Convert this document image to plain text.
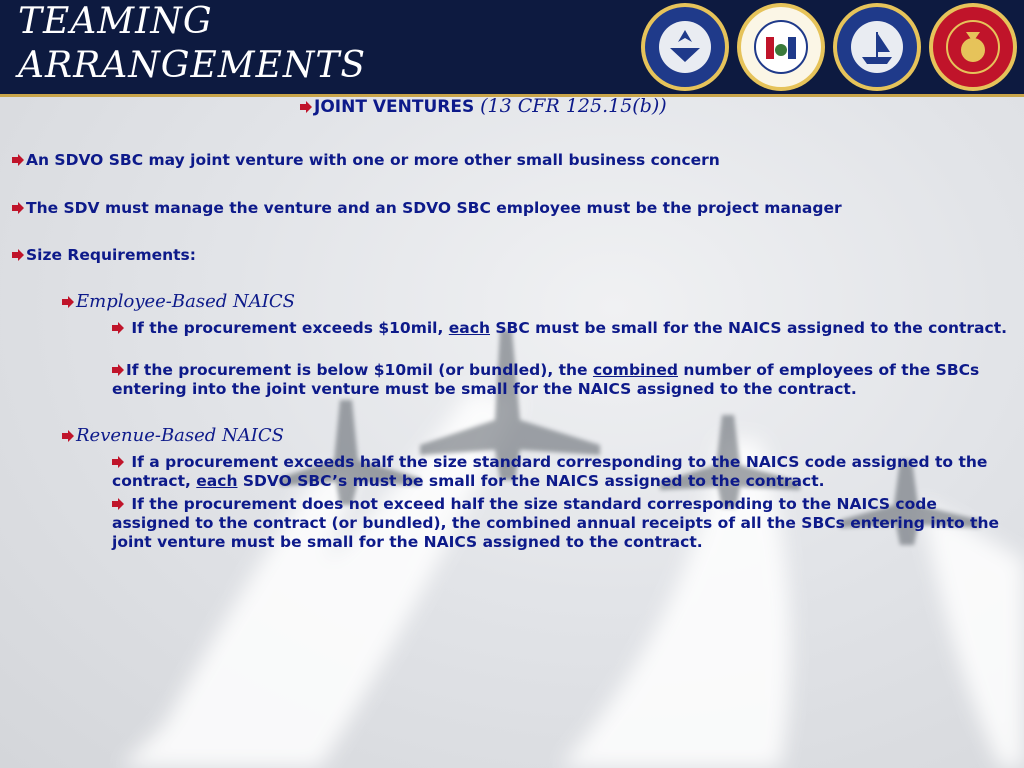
TEAMING
ARRANGEMENTS
JOINT VENTURES (13 CFR 125.15(b))
An SDVO SBC may joint venture with one or more other small business concern
The SDV must manage the venture and an SDVO SBC employee must be the project manager
Size Requirements:
Employee-Based NAICS
If the procurement exceeds $10mil, each SBC must be small for the NAICS assigned to the contract.
If the procurement is below $10mil (or bundled), the combined number of employees of the SBCs entering into the joint venture must be small for the NAICS assigned to the contract.
Revenue-Based NAICS
If a procurement exceeds half the size standard corresponding to the NAICS code assigned to the contract, each SDVO SBC’s must be small for the NAICS assigned to the contract.
If the procurement does not exceed half the size standard corresponding to the NAICS code assigned to the contract (or bundled), the combined annual receipts of all the SBCs entering into the joint venture must be small for the NAICS assigned to the contract.
